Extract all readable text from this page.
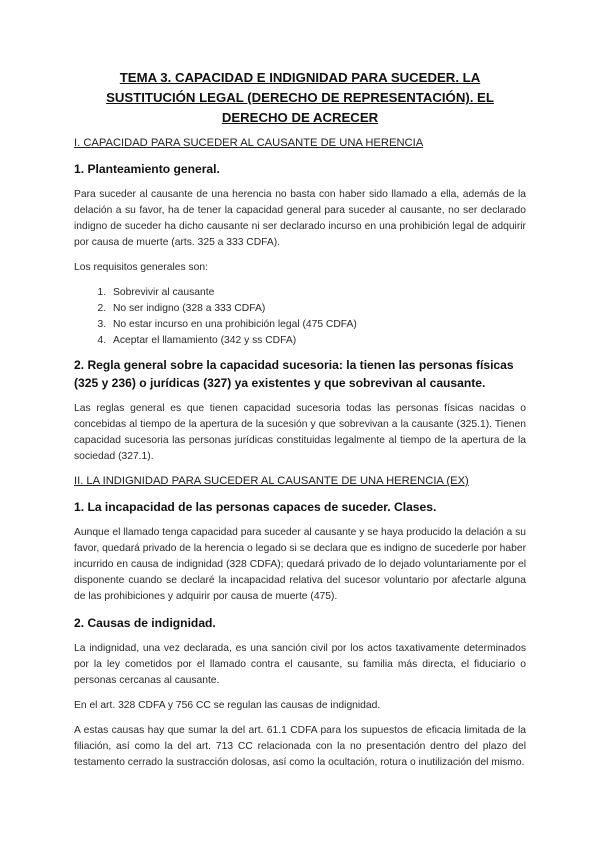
TEMA 3. CAPACIDAD E INDIGNIDAD PARA SUCEDER. LA SUSTITUCIÓN LEGAL (DERECHO DE REPRESENTACIÓN). EL DERECHO DE ACRECER
I. CAPACIDAD PARA SUCEDER AL CAUSANTE DE UNA HERENCIA
1. Planteamiento general.
Para suceder al causante de una herencia no basta con haber sido llamado a ella, además de la delación a su favor, ha de tener la capacidad general para suceder al causante, no ser declarado indigno de suceder ha dicho causante ni ser declarado incurso en una prohibición legal de adquirir por causa de muerte (arts. 325 a 333 CDFA).
Los requisitos generales son:
1. Sobrevivir al causante
2. No ser indigno (328 a 333 CDFA)
3. No estar incurso en una prohibición legal (475 CDFA)
4. Aceptar el llamamiento (342 y ss CDFA)
2. Regla general sobre la capacidad sucesoria: la tienen las personas físicas (325 y 236) o jurídicas (327) ya existentes y que sobrevivan al causante.
Las reglas general es que tienen capacidad sucesoria todas las personas físicas nacidas o concebidas al tiempo de la apertura de la sucesión y que sobrevivan a la causante (325.1). Tienen capacidad sucesoria las personas jurídicas constituidas legalmente al tiempo de la apertura de la sociedad (327.1).
II. LA INDIGNIDAD PARA SUCEDER AL CAUSANTE DE UNA HERENCIA (EX)
1. La incapacidad de las personas capaces de suceder. Clases.
Aunque el llamado tenga capacidad para suceder al causante y se haya producido la delación a su favor, quedará privado de la herencia o legado si se declara que es indigno de sucederle por haber incurrido en causa de indignidad (328 CDFA); quedará privado de lo dejado voluntariamente por el disponente cuando se declaré la incapacidad relativa del sucesor voluntario por afectarle alguna de las prohibiciones y adquirir por causa de muerte (475).
2. Causas de indignidad.
La indignidad, una vez declarada, es una sanción civil por los actos taxativamente determinados por la ley cometidos por el llamado contra el causante, su familia más directa, el fiduciario o personas cercanas al causante.
En el art. 328 CDFA y 756 CC se regulan las causas de indignidad.
A estas causas hay que sumar la del art. 61.1 CDFA para los supuestos de eficacia limitada de la filiación, así como la del art. 713 CC relacionada con la no presentación dentro del plazo del testamento cerrado la sustracción dolosas, así como la ocultación, rotura o inutilización del mismo.
